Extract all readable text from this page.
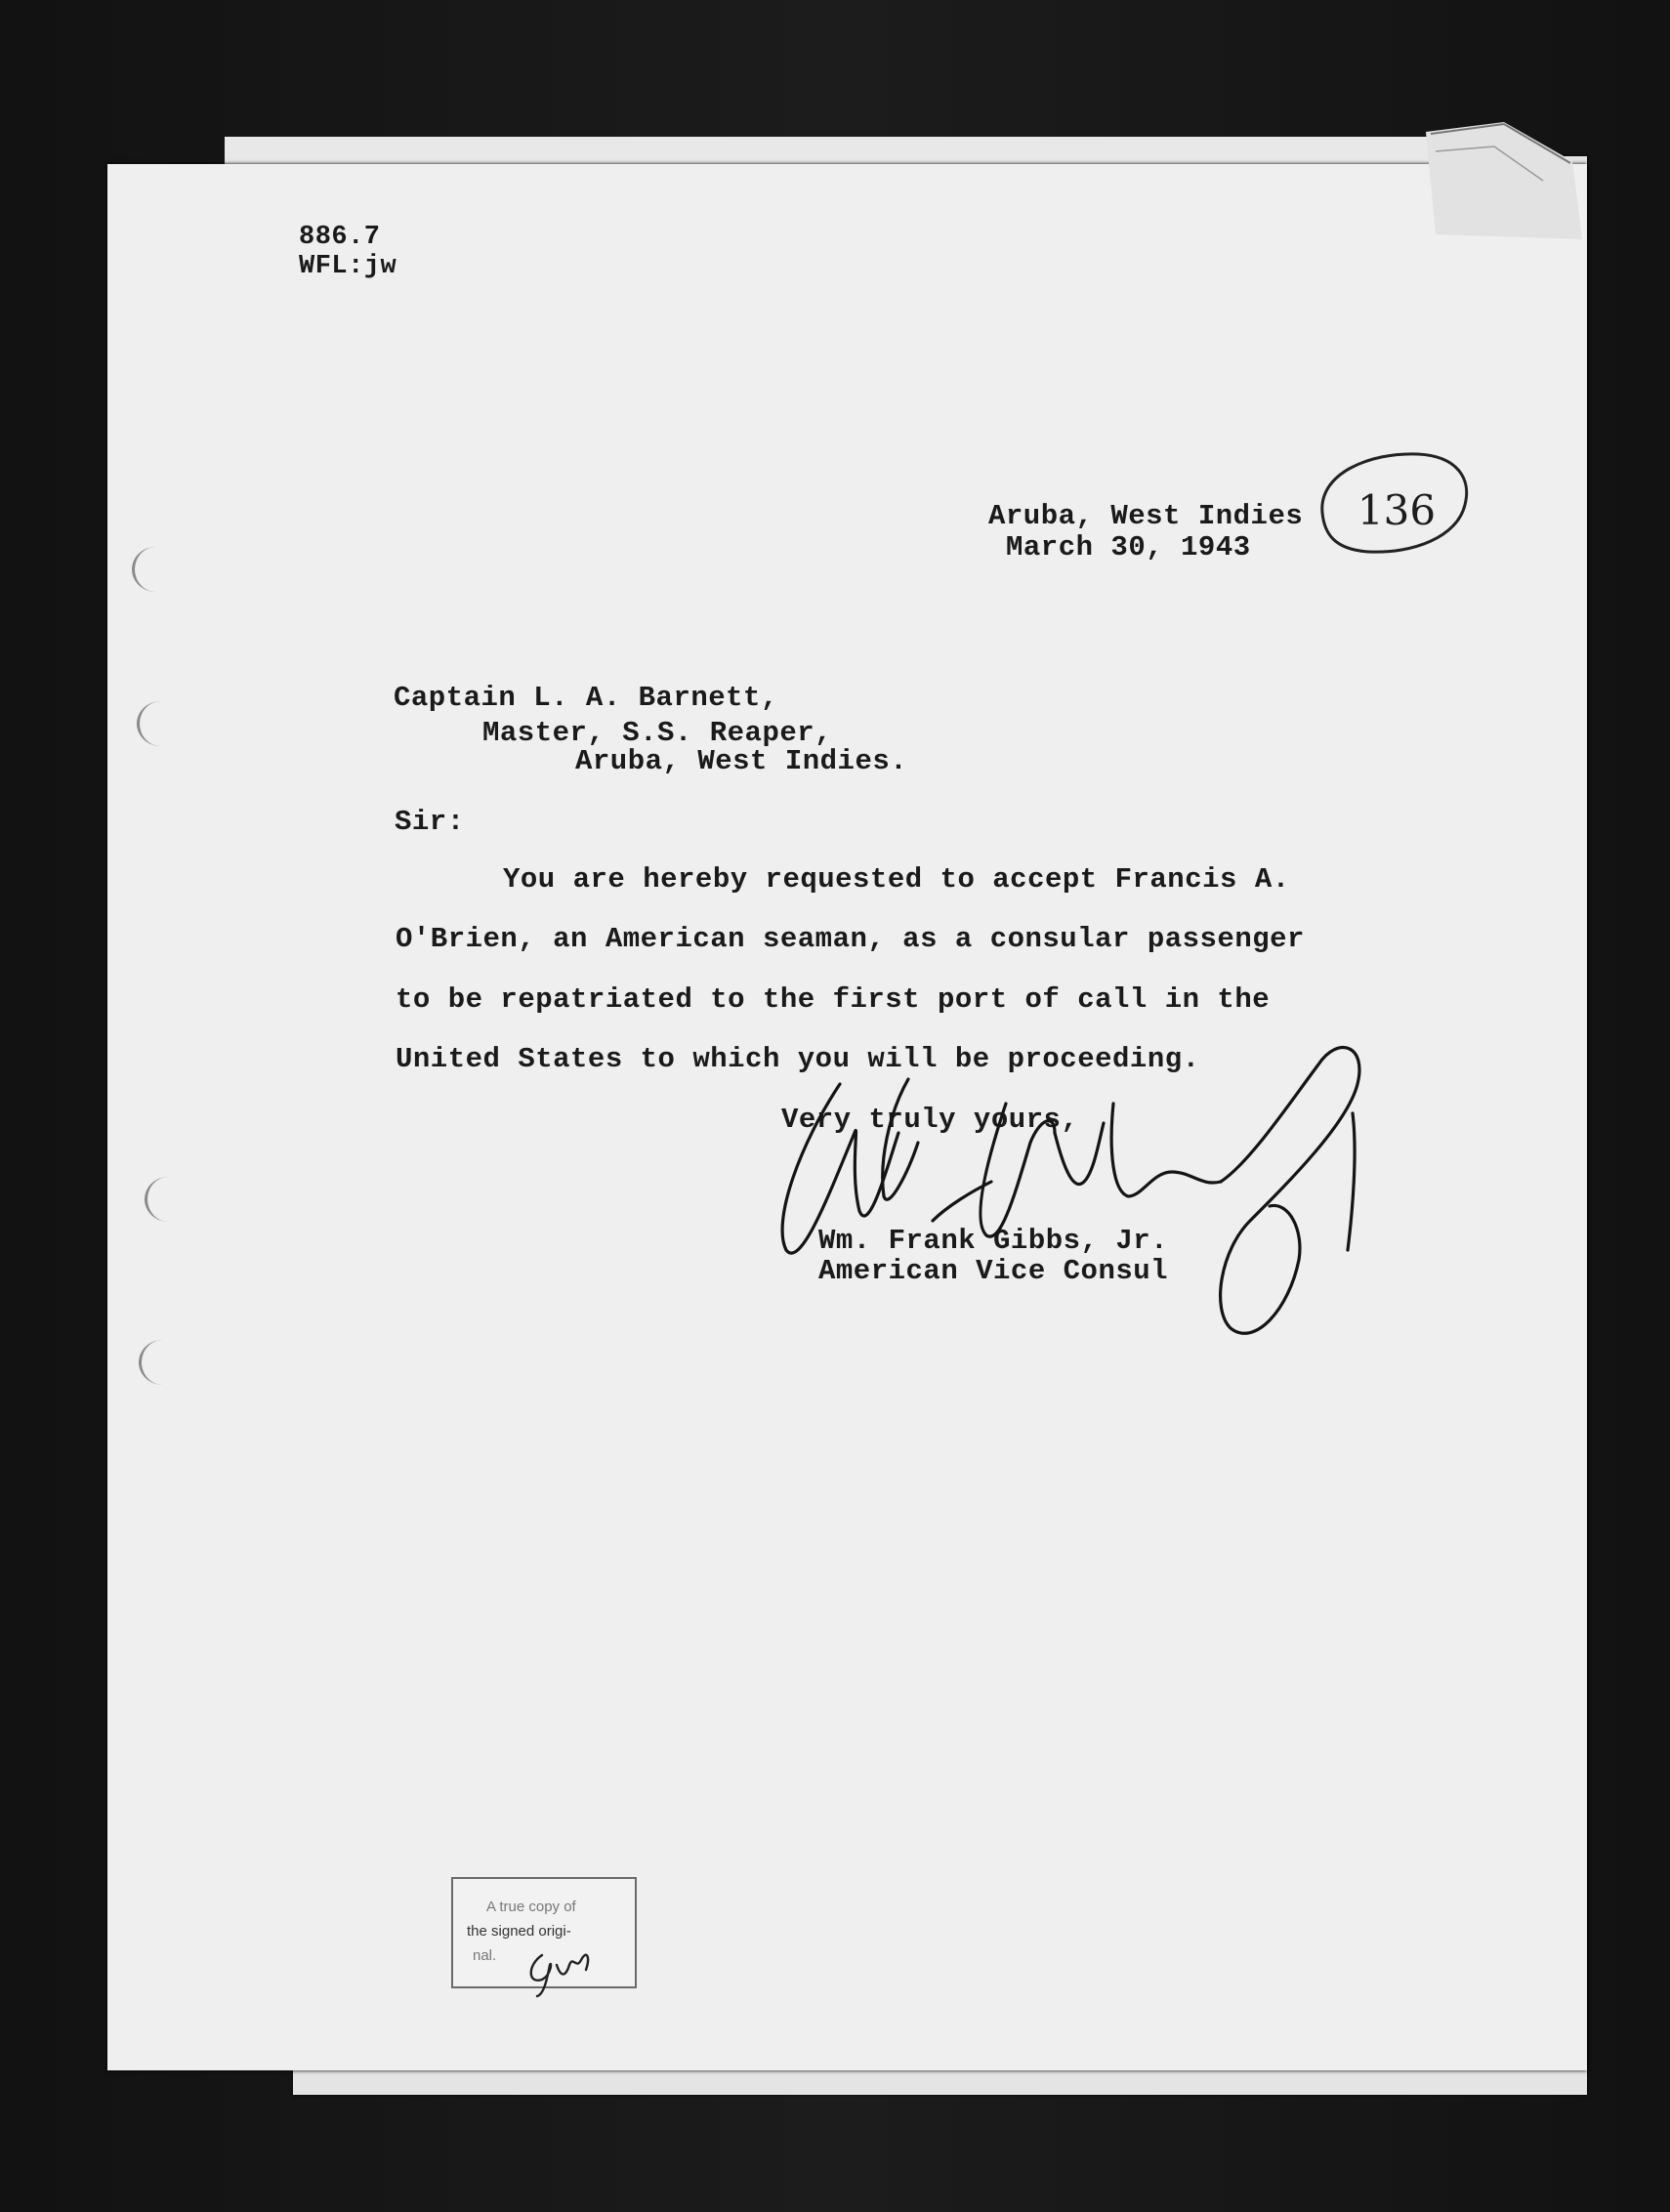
886.7
WFL:jw
Aruba, West Indies
March 30, 1943
136
Captain L. A. Barnett,
Master, S.S. Reaper,
Aruba, West Indies.
Sir:
You are hereby requested to accept Francis A.
O'Brien, an American seaman, as a consular passenger
to be repatriated to the first port of call in the
United States to which you will be proceeding.
Very truly yours,
Wm. Frank Gibbs, Jr.
American Vice Consul
A true copy of
the signed origi-
nal.
